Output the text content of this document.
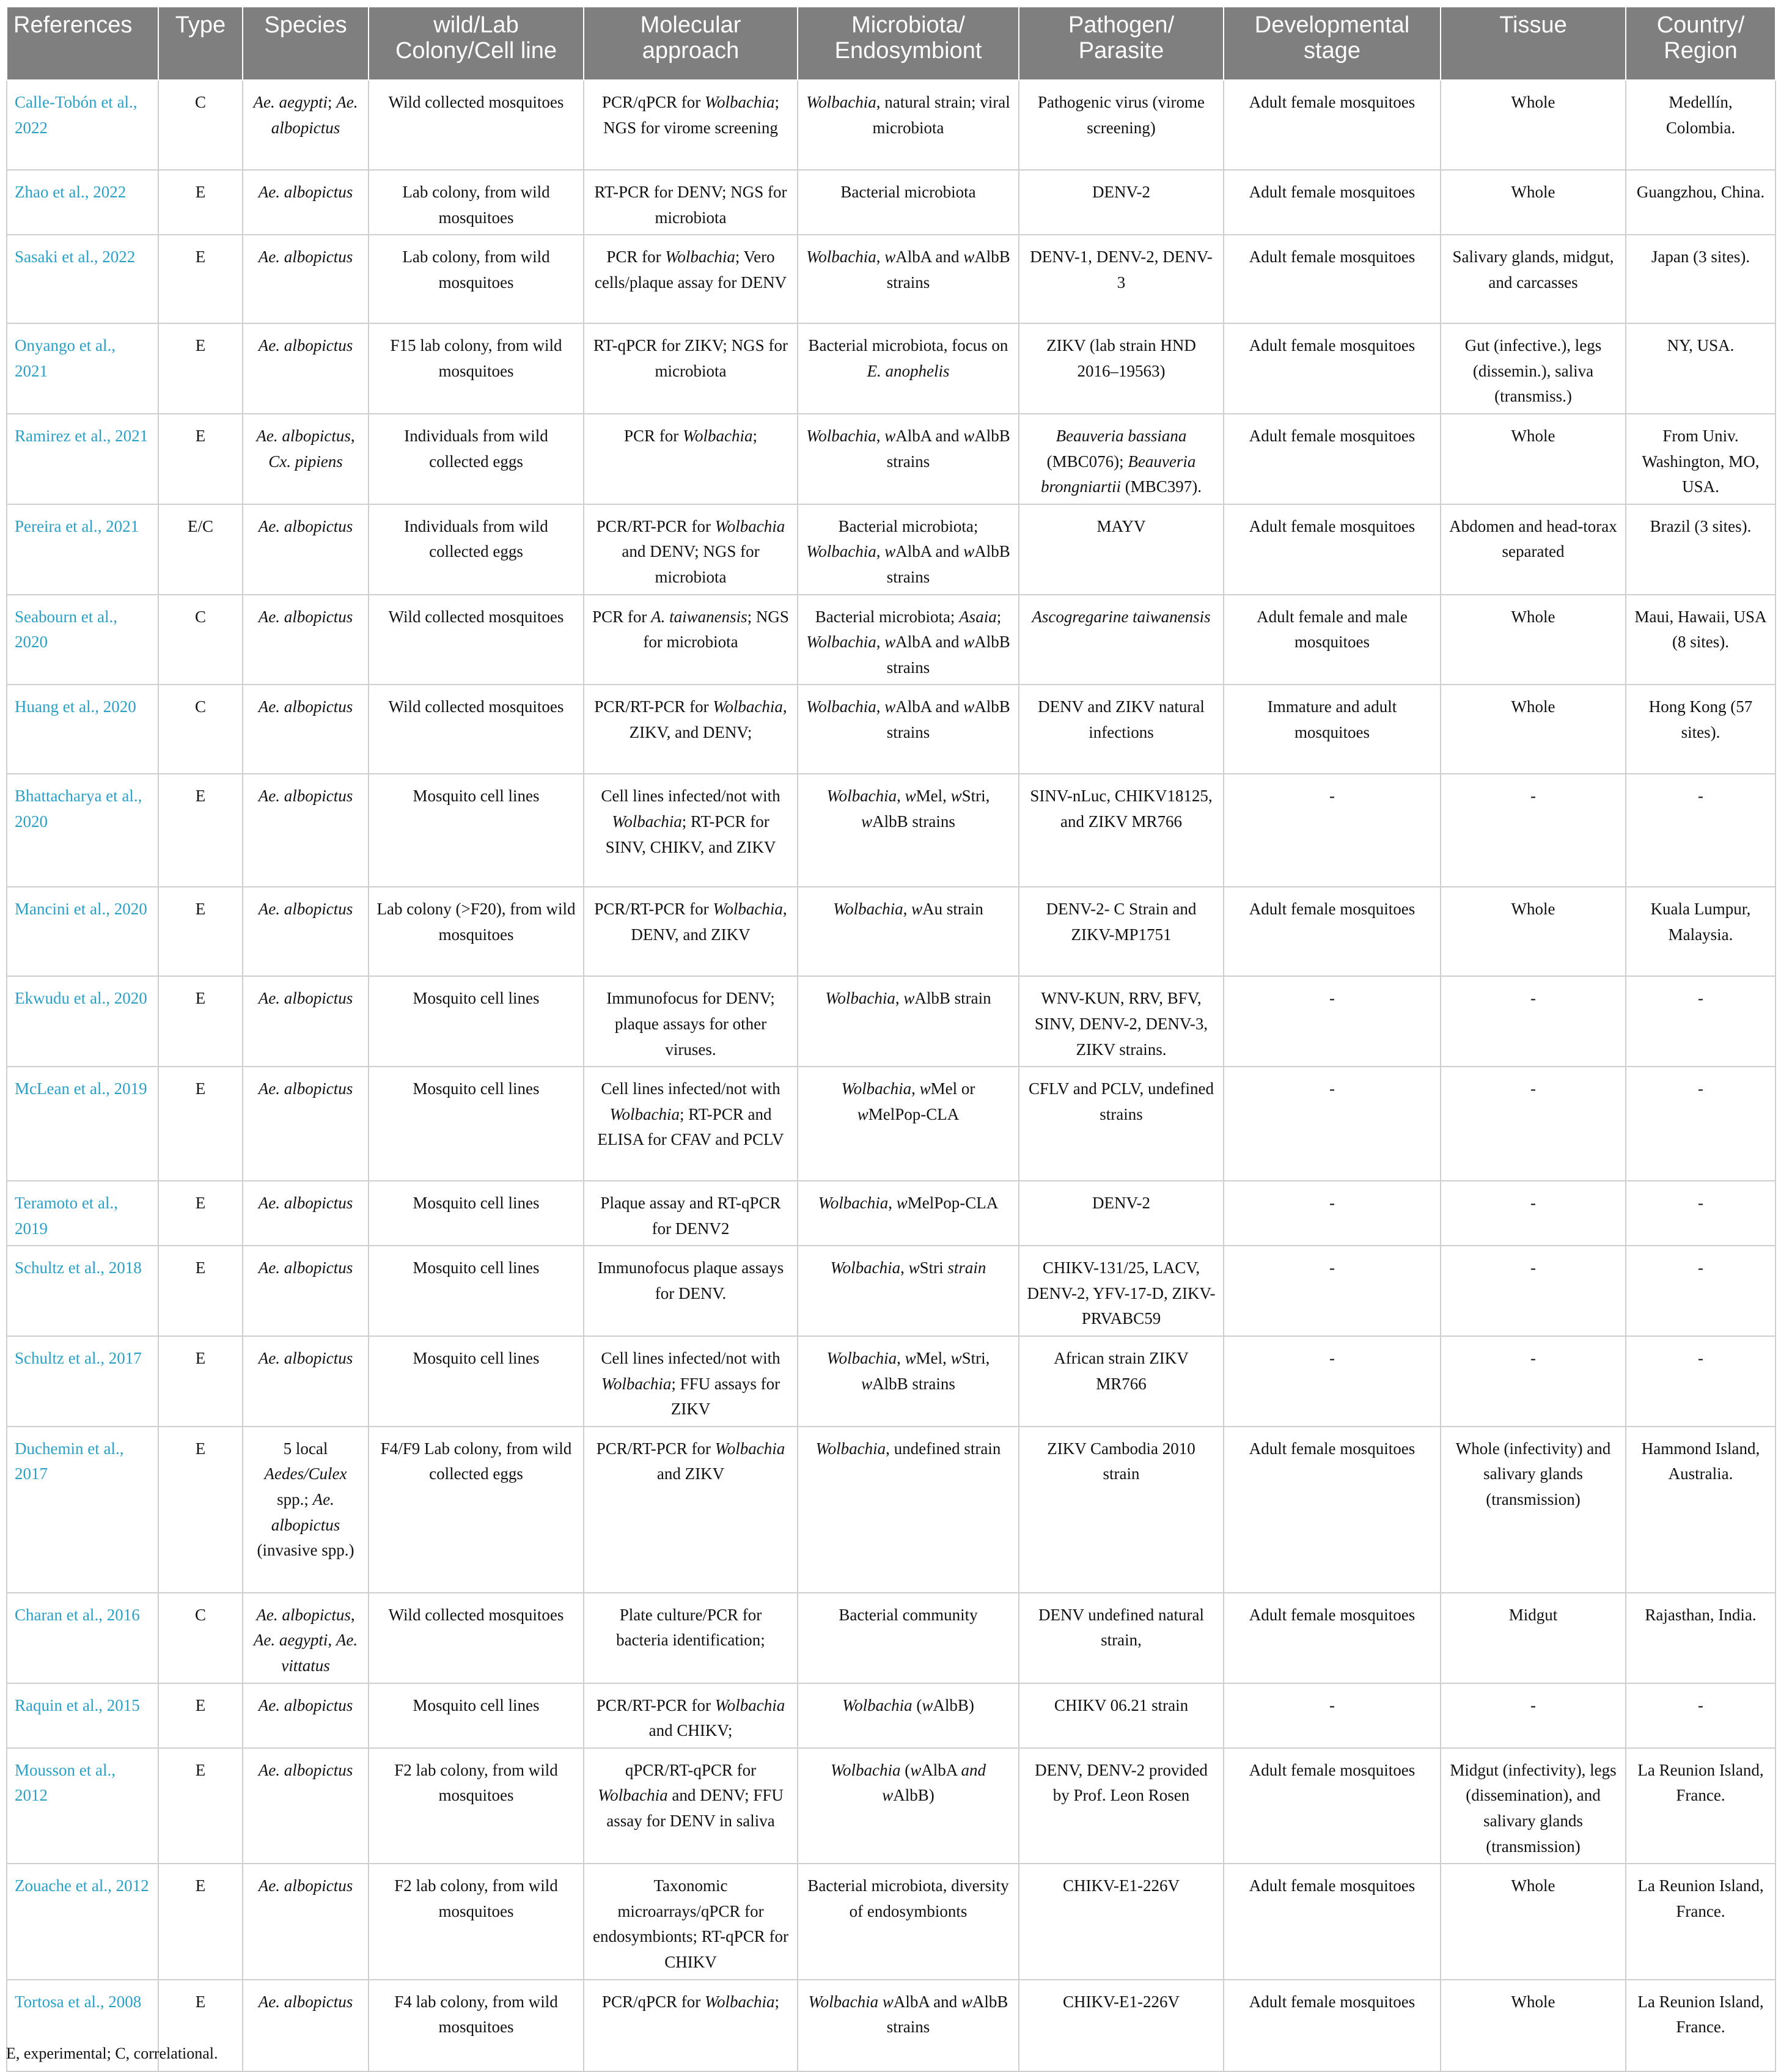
References	Type	Species	wild/Lab Colony/Cell line	Molecular approach	Microbiota/ Endosymbiont	Pathogen/ Parasite	Developmental stage	Tissue	Country/ Region
Calle-Tobón et al., 2022	C	Ae. aegypti; Ae. albopictus	Wild collected mosquitoes	PCR/qPCR for Wolbachia; NGS for virome screening	Wolbachia, natural strain; viral microbiota	Pathogenic virus (virome screening)	Adult female mosquitoes	Whole	Medellín, Colombia.
Zhao et al., 2022	E	Ae. albopictus	Lab colony, from wild mosquitoes	RT-PCR for DENV; NGS for microbiota	Bacterial microbiota	DENV-2	Adult female mosquitoes	Whole	Guangzhou, China.
Sasaki et al., 2022	E	Ae. albopictus	Lab colony, from wild mosquitoes	PCR for Wolbachia; Vero cells/plaque assay for DENV	Wolbachia, wAlbA and wAlbB strains	DENV-1, DENV-2, DENV-3	Adult female mosquitoes	Salivary glands, midgut, and carcasses	Japan (3 sites).
Onyango et al., 2021	E	Ae. albopictus	F15 lab colony, from wild mosquitoes	RT-qPCR for ZIKV; NGS for microbiota	Bacterial microbiota, focus on E. anophelis	ZIKV (lab strain HND 2016–19563)	Adult female mosquitoes	Gut (infective.), legs (dissemin.), saliva (transmiss.)	NY, USA.
Ramirez et al., 2021	E	Ae. albopictus, Cx. pipiens	Individuals from wild collected eggs	PCR for Wolbachia;	Wolbachia, wAlbA and wAlbB strains	Beauveria bassiana (MBC076); Beauveria brongniartii (MBC397).	Adult female mosquitoes	Whole	From Univ. Washington, MO, USA.
Pereira et al., 2021	E/C	Ae. albopictus	Individuals from wild collected eggs	PCR/RT-PCR for Wolbachia and DENV; NGS for microbiota	Bacterial microbiota; Wolbachia, wAlbA and wAlbB strains	MAYV	Adult female mosquitoes	Abdomen and head-torax separated	Brazil (3 sites).
Seabourn et al., 2020	C	Ae. albopictus	Wild collected mosquitoes	PCR for A. taiwanensis; NGS for microbiota	Bacterial microbiota; Asaia; Wolbachia, wAlbA and wAlbB strains	Ascogregarine taiwanensis	Adult female and male mosquitoes	Whole	Maui, Hawaii, USA (8 sites).
Huang et al., 2020	C	Ae. albopictus	Wild collected mosquitoes	PCR/RT-PCR for Wolbachia, ZIKV, and DENV;	Wolbachia, wAlbA and wAlbB strains	DENV and ZIKV natural infections	Immature and adult mosquitoes	Whole	Hong Kong (57 sites).
Bhattacharya et al., 2020	E	Ae. albopictus	Mosquito cell lines	Cell lines infected/not with Wolbachia; RT-PCR for SINV, CHIKV, and ZIKV	Wolbachia, wMel, wStri, wAlbB strains	SINV-nLuc, CHIKV18125, and ZIKV MR766	-	-	-
Mancini et al., 2020	E	Ae. albopictus	Lab colony (>F20), from wild mosquitoes	PCR/RT-PCR for Wolbachia, DENV, and ZIKV	Wolbachia, wAu strain	DENV-2- C Strain and ZIKV-MP1751	Adult female mosquitoes	Whole	Kuala Lumpur, Malaysia.
Ekwudu et al., 2020	E	Ae. albopictus	Mosquito cell lines	Immunofocus for DENV; plaque assays for other viruses.	Wolbachia, wAlbB strain	WNV-KUN, RRV, BFV, SINV, DENV-2, DENV-3, ZIKV strains.	-	-	-
McLean et al., 2019	E	Ae. albopictus	Mosquito cell lines	Cell lines infected/not with Wolbachia; RT-PCR and ELISA for CFAV and PCLV	Wolbachia, wMel or wMelPop-CLA	CFLV and PCLV, undefined strains	-	-	-
Teramoto et al., 2019	E	Ae. albopictus	Mosquito cell lines	Plaque assay and RT-qPCR for DENV2	Wolbachia, wMelPop-CLA	DENV-2	-	-	-
Schultz et al., 2018	E	Ae. albopictus	Mosquito cell lines	Immunofocus plaque assays for DENV.	Wolbachia, wStri strain	CHIKV-131/25, LACV, DENV-2, YFV-17-D, ZIKV-PRVABC59	-	-	-
Schultz et al., 2017	E	Ae. albopictus	Mosquito cell lines	Cell lines infected/not with Wolbachia; FFU assays for ZIKV	Wolbachia, wMel, wStri, wAlbB strains	African strain ZIKV MR766	-	-	-
Duchemin et al., 2017	E	5 local Aedes/Culex spp.; Ae. albopictus (invasive spp.)	F4/F9 Lab colony, from wild collected eggs	PCR/RT-PCR for Wolbachia and ZIKV	Wolbachia, undefined strain	ZIKV Cambodia 2010 strain	Adult female mosquitoes	Whole (infectivity) and salivary glands (transmission)	Hammond Island, Australia.
Charan et al., 2016	C	Ae. albopictus, Ae. aegypti, Ae. vittatus	Wild collected mosquitoes	Plate culture/PCR for bacteria identification;	Bacterial community	DENV undefined natural strain,	Adult female mosquitoes	Midgut	Rajasthan, India.
Raquin et al., 2015	E	Ae. albopictus	Mosquito cell lines	PCR/RT-PCR for Wolbachia and CHIKV;	Wolbachia (wAlbB)	CHIKV 06.21 strain	-	-	-
Mousson et al., 2012	E	Ae. albopictus	F2 lab colony, from wild mosquitoes	qPCR/RT-qPCR for Wolbachia and DENV; FFU assay for DENV in saliva	Wolbachia (wAlbA and wAlbB)	DENV, DENV-2 provided by Prof. Leon Rosen	Adult female mosquitoes	Midgut (infectivity), legs (dissemination), and salivary glands (transmission)	La Reunion Island, France.
Zouache et al., 2012	E	Ae. albopictus	F2 lab colony, from wild mosquitoes	Taxonomic microarrays/qPCR for endosymbionts; RT-qPCR for CHIKV	Bacterial microbiota, diversity of endosymbionts	CHIKV-E1-226V	Adult female mosquitoes	Whole	La Reunion Island, France.
Tortosa et al., 2008	E	Ae. albopictus	F4 lab colony, from wild mosquitoes	PCR/qPCR for Wolbachia;	Wolbachia wAlbA and wAlbB strains	CHIKV-E1-226V	Adult female mosquitoes	Whole	La Reunion Island, France.
E, experimental; C, correlational.
